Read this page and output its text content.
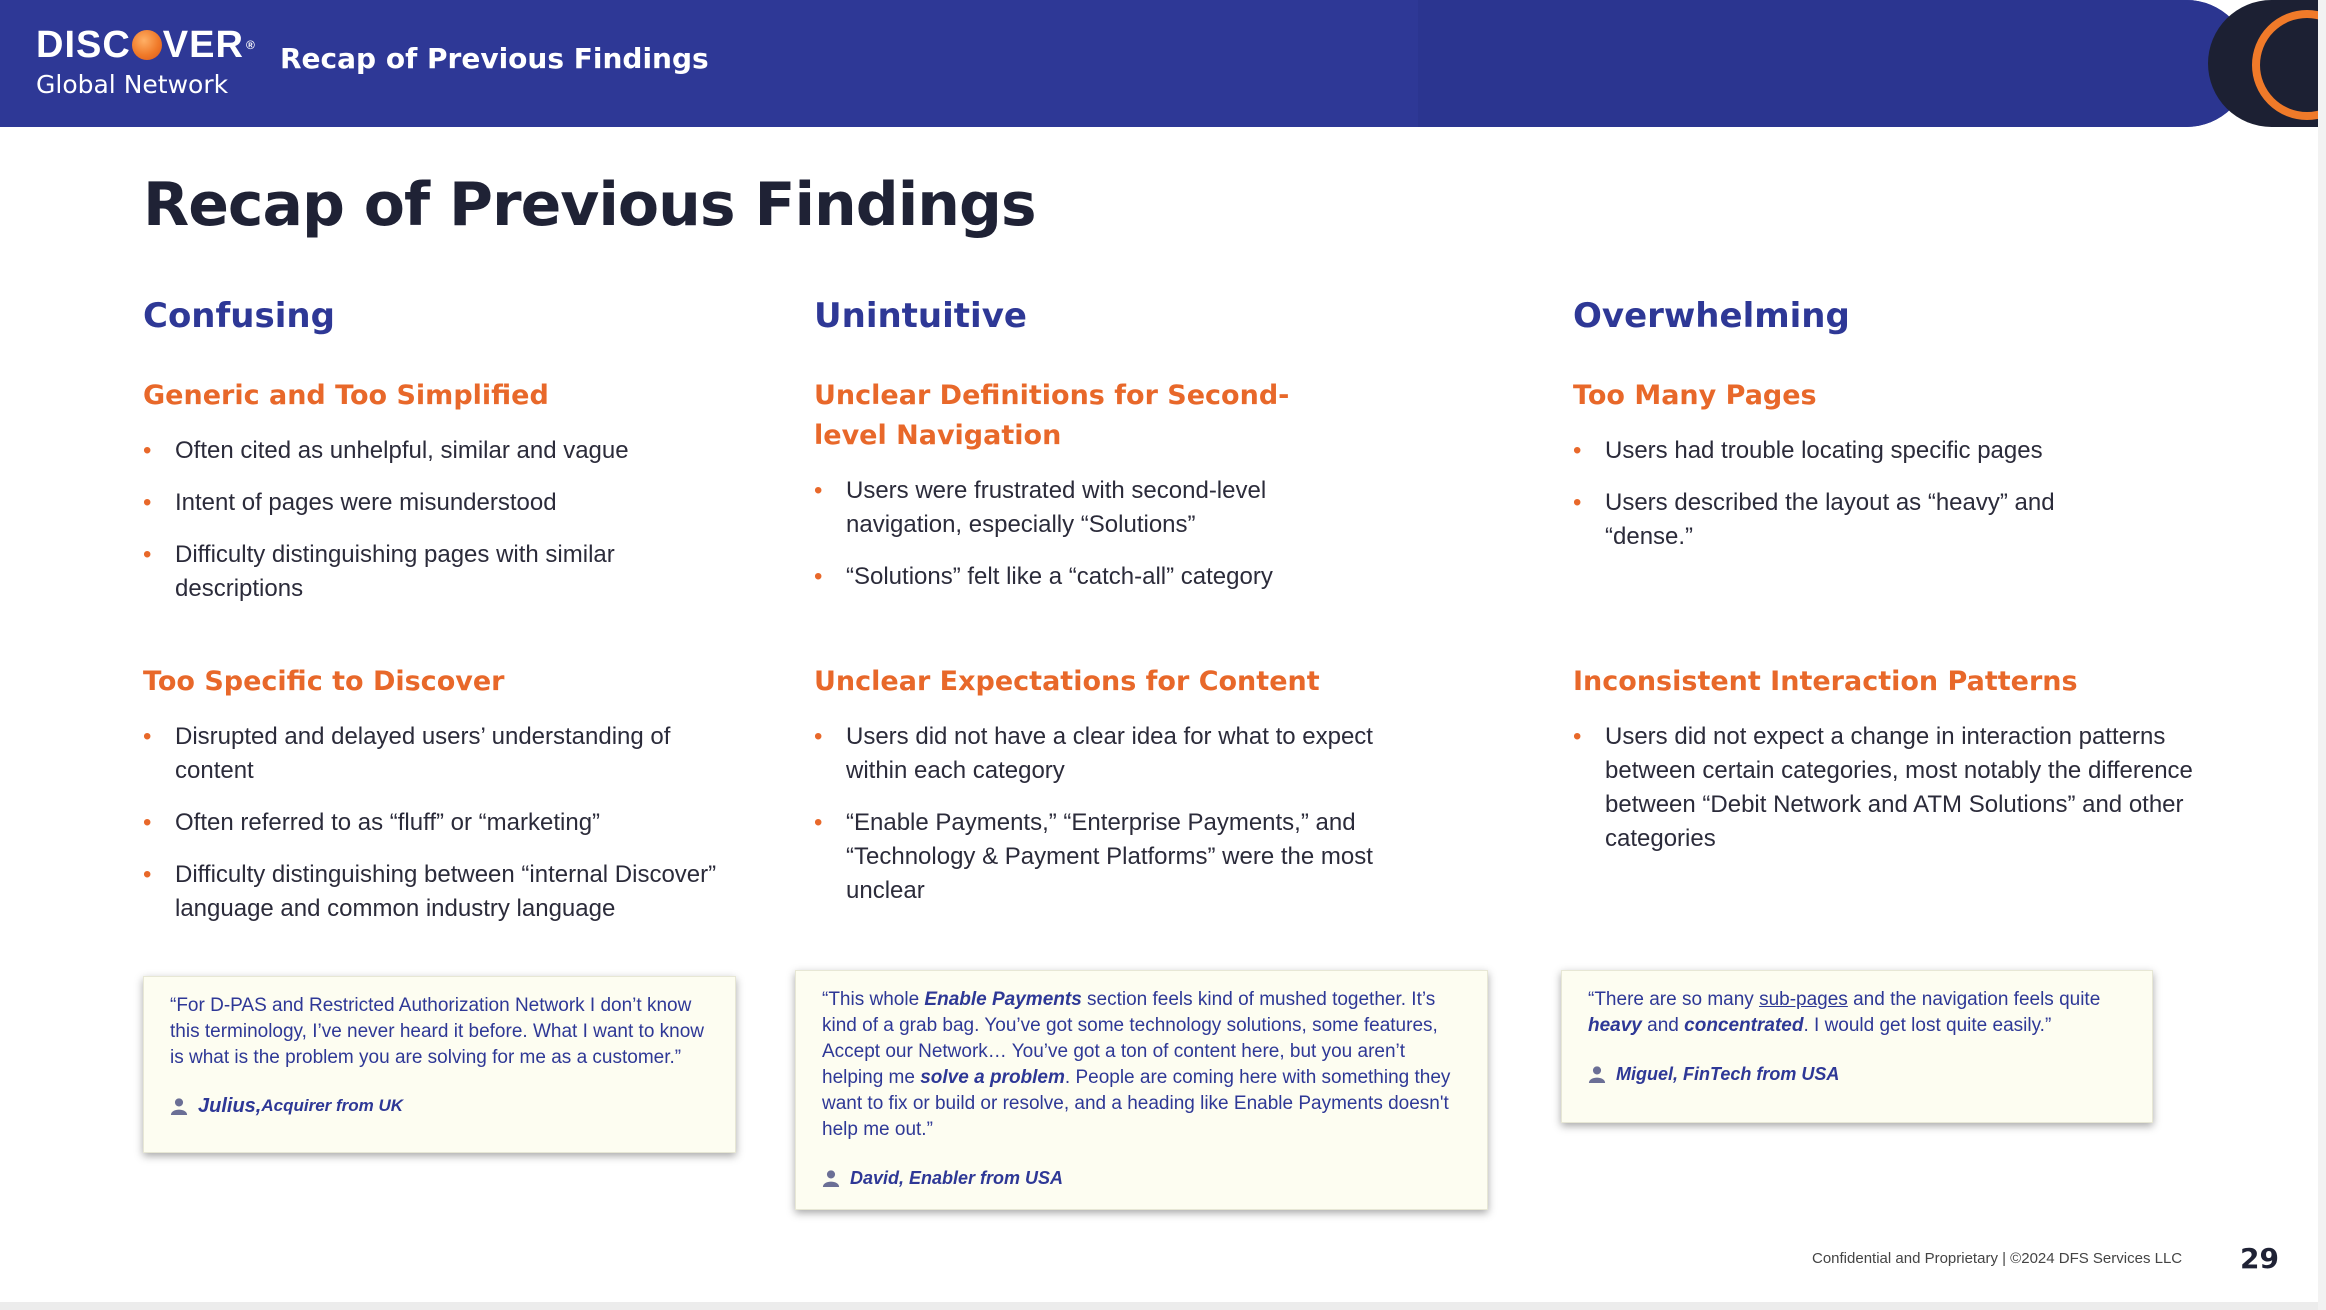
DISC VER ®
Global Network
Recap of Previous Findings
Recap of Previous Findings
Confusing
Generic and Too Simplified
• Often cited as unhelpful, similar and vague
• Intent of pages were misunderstood
• Difficulty distinguishing pages with similar descriptions
Too Specific to Discover
• Disrupted and delayed users’ understanding of content
• Often referred to as “fluff” or “marketing”
• Difficulty distinguishing between “internal Discover” language and common industry language
Unintuitive
Unclear Definitions for Second-level Navigation
• Users were frustrated with second-level navigation, especially “Solutions”
• “Solutions” felt like a “catch-all” category
Unclear Expectations for Content
• Users did not have a clear idea for what to expect within each category
• “Enable Payments,” “Enterprise Payments,” and “Technology & Payment Platforms” were the most unclear
Overwhelming
Too Many Pages
• Users had trouble locating specific pages
• Users described the layout as “heavy” and “dense.”
Inconsistent Interaction Patterns
• Users did not expect a change in interaction patterns between certain categories, most notably the difference between “Debit Network and ATM Solutions” and other categories
“For D-PAS and Restricted Authorization Network I don’t know this terminology, I’ve never heard it before. What I want to know is what is the problem you are solving for me as a customer.”
Julius, Acquirer from UK
“This whole Enable Payments section feels kind of mushed together. It’s kind of a grab bag. You’ve got some technology solutions, some features, Accept our Network… You’ve got a ton of content here, but you aren’t helping me solve a problem. People are coming here with something they want to fix or build or resolve, and a heading like Enable Payments doesn't help me out.”
David, Enabler from USA
“There are so many sub-pages and the navigation feels quite heavy and concentrated. I would get lost quite easily.”
Miguel, FinTech from USA
Confidential and Proprietary | ©2024 DFS Services LLC 29
